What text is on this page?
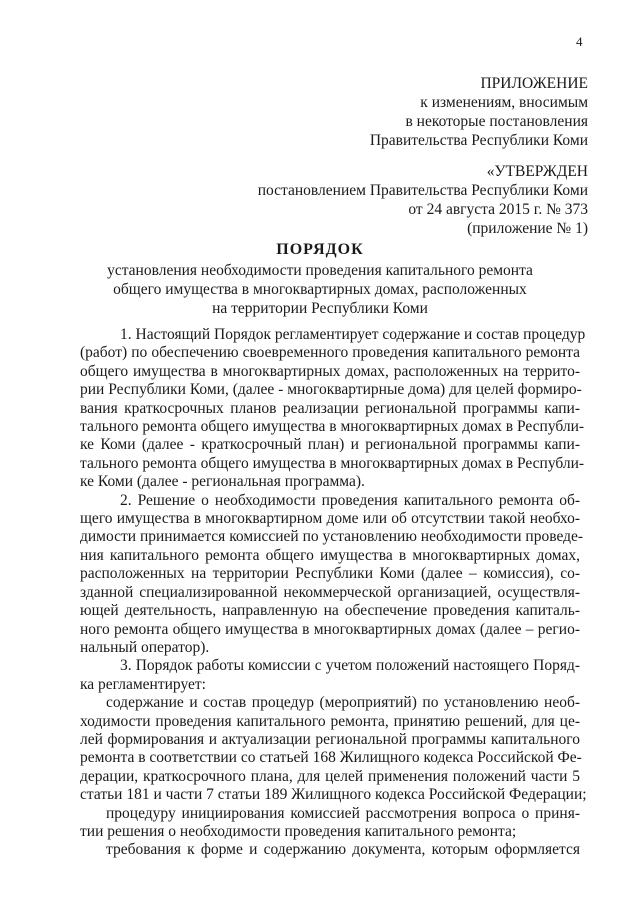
4
ПРИЛОЖЕНИЕ
к изменениям, вносимым
в некоторые постановления
Правительства Республики Коми
«УТВЕРЖДЕН
постановлением Правительства Республики Коми
от 24 августа 2015 г. № 373
(приложение № 1)
ПОРЯДОК
установления необходимости проведения капитального ремонта
общего имущества в многоквартирных домах, расположенных
на территории Республики Коми
1. Настоящий Порядок регламентирует содержание и состав процедур
(работ) по обеспечению своевременного проведения капитального ремонта
общего имущества в многоквартирных домах, расположенных на террито-
рии Республики Коми, (далее - многоквартирные дома) для целей формиро-
вания краткосрочных планов реализации региональной программы капи-
тального ремонта общего имущества в многоквартирных домах в Республи-
ке Коми (далее - краткосрочный план) и региональной программы капи-
тального ремонта общего имущества в многоквартирных домах в Республи-
ке Коми (далее - региональная программа).
2. Решение о необходимости проведения капитального ремонта об-
щего имущества в многоквартирном доме или об отсутствии такой необхо-
димости принимается комиссией по установлению необходимости проведе-
ния капитального ремонта общего имущества в многоквартирных домах,
расположенных на территории Республики Коми (далее – комиссия), со-
зданной специализированной некоммерческой организацией, осуществля-
ющей деятельность, направленную на обеспечение проведения капиталь-
ного ремонта общего имущества в многоквартирных домах (далее – регио-
нальный оператор).
3. Порядок работы комиссии с учетом положений настоящего Поряд-
ка регламентирует:
содержание и состав процедур (мероприятий) по установлению необ-
ходимости проведения капитального ремонта, принятию решений, для це-
лей формирования и актуализации региональной программы капитального
ремонта в соответствии со статьей 168 Жилищного кодекса Российской Фе-
дерации, краткосрочного плана, для целей применения положений части 5
статьи 181 и части 7 статьи 189 Жилищного кодекса Российской Федерации;
процедуру инициирования комиссией рассмотрения вопроса о приня-
тии решения о необходимости проведения капитального ремонта;
требования к форме и содержанию документа, которым оформляется
